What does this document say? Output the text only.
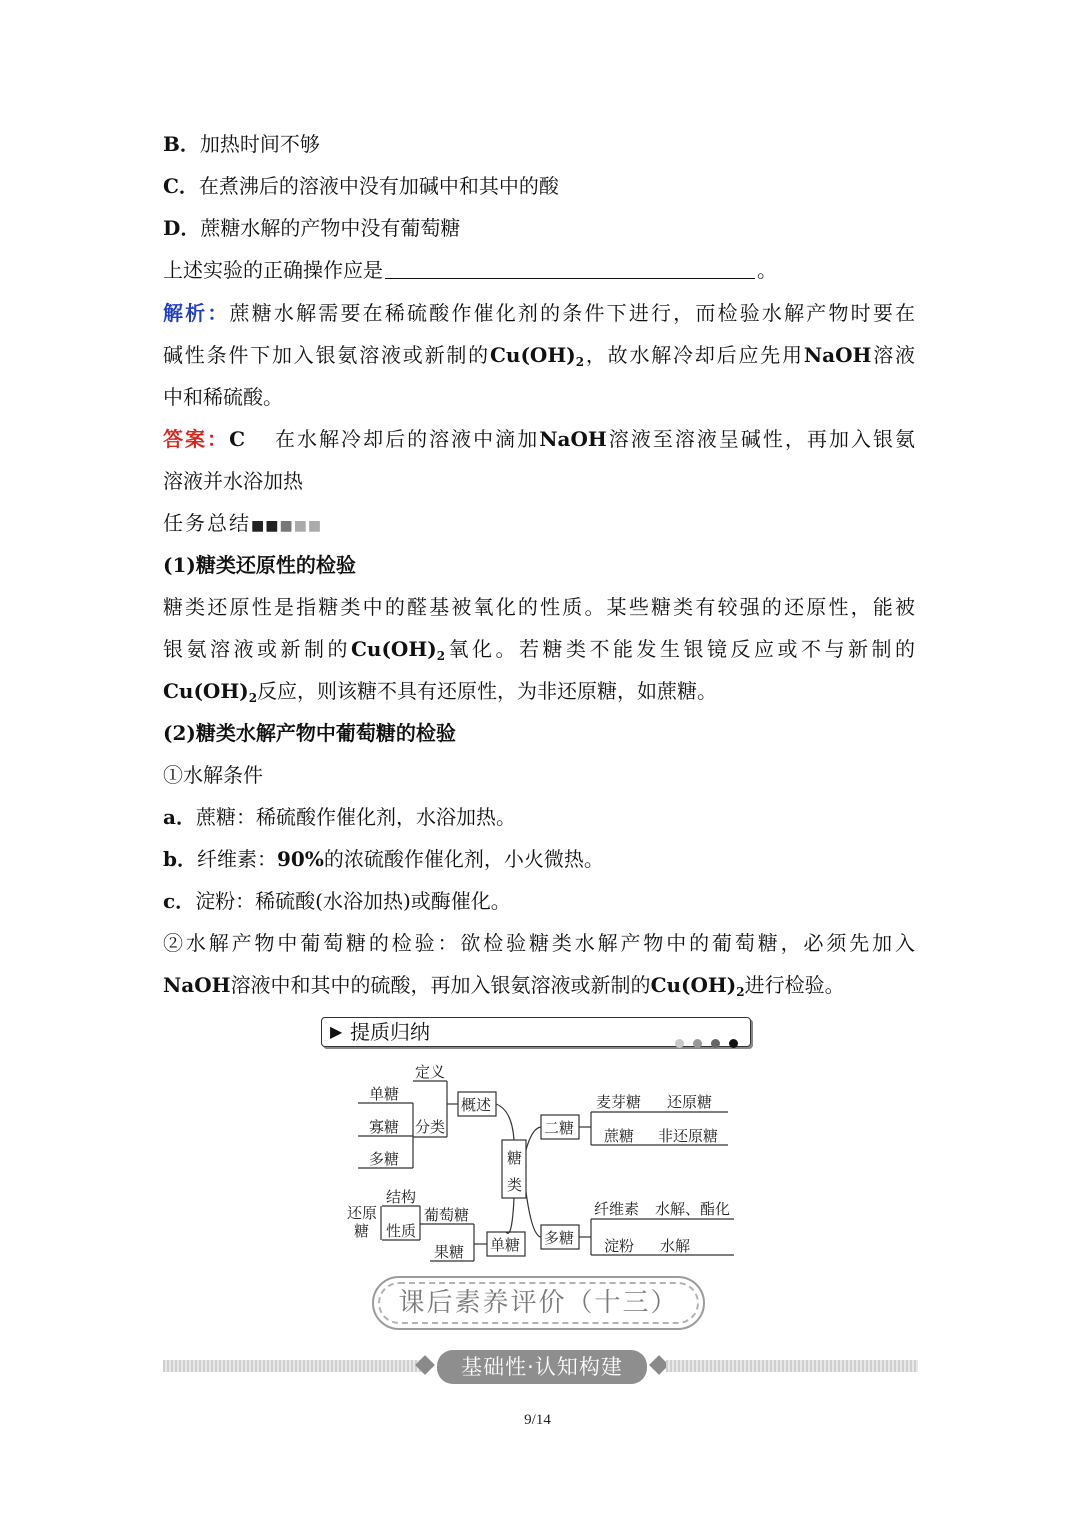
B．加热时间不够
C．在煮沸后的溶液中没有加碱中和其中的酸
D．蔗糖水解的产物中没有葡萄糖
上述实验的正确操作应是	。
解析：蔗糖水解需要在稀硫酸作催化剂的条件下进行，而检验水解产物时要在
碱性条件下加入银氨溶液或新制的$Cu(OH)_2$，故水解冷却后应先用NaOH溶液
中和稀硫酸。
答案：C 在水解冷却后的溶液中滴加NaOH溶液至溶液呈碱性，再加入银氨
溶液并水浴加热
任务总结■■■■■
(1)糖类还原性的检验
糖类还原性是指糖类中的醛基被氧化的性质。某些糖类有较强的还原性，能被
银氨溶液或新制的$Cu(OH)_2$氧化。若糖类不能发生银镜反应或不与新制的
$Cu(OH)_2$反应，则该糖不具有还原性，为非还原糖，如蔗糖。
(2)糖类水解产物中葡萄糖的检验
①水解条件
a．蔗糖：稀硫酸作催化剂，水浴加热。
b．纤维素：90%的浓硫酸作催化剂，小火微热。
c．淀粉：稀硫酸(水浴加热)或酶催化。
②水解产物中葡萄糖的检验：欲检验糖类水解产物中的葡萄糖，必须先加入
NaOH溶液中和其中的硫酸，再加入银氨溶液或新制的$Cu(OH)_2$进行检验。
▶ 提质归纳
糖
类
概述
定义
分类
单糖
寡糖
多糖
二糖
麦芽糖 还原糖
蔗糖 非还原糖
多糖
纤维素 水解、酯化
淀粉 水解
单糖
葡萄糖
果糖
结构
性质
还原
糖
课后素养评价（十三）
基础性·认知构建
9/14
